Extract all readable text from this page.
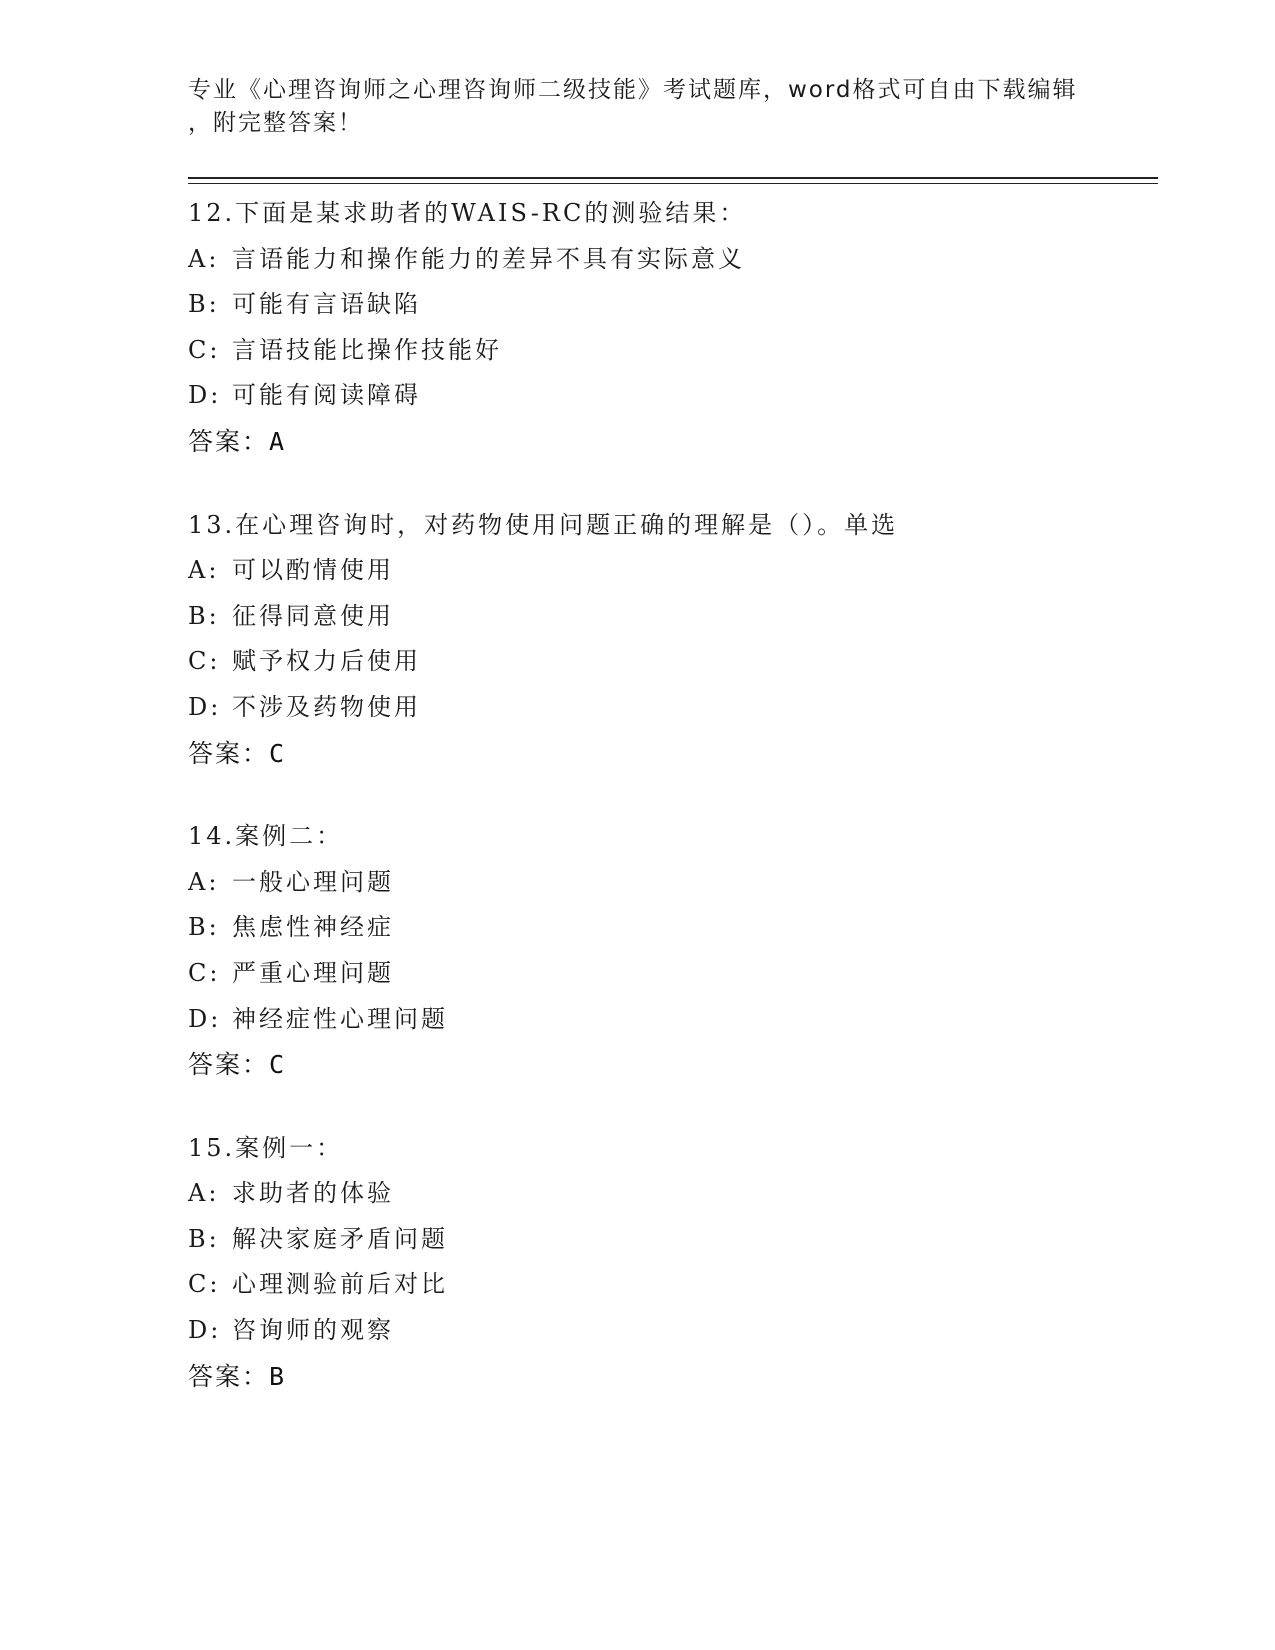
专业《心理咨询师之心理咨询师二级技能》考试题库，word格式可自由下载编辑
，附完整答案！
12.下面是某求助者的WAIS-RC的测验结果：
A: 言语能力和操作能力的差异不具有实际意义
B: 可能有言语缺陷
C: 言语技能比操作技能好
D: 可能有阅读障碍
答案：A
13.在心理咨询时，对药物使用问题正确的理解是（）。单选
A: 可以酌情使用
B: 征得同意使用
C: 赋予权力后使用
D: 不涉及药物使用
答案：C
14.案例二：
A: 一般心理问题
B: 焦虑性神经症
C: 严重心理问题
D: 神经症性心理问题
答案：C
15.案例一：
A: 求助者的体验
B: 解决家庭矛盾问题
C: 心理测验前后对比
D: 咨询师的观察
答案：B
